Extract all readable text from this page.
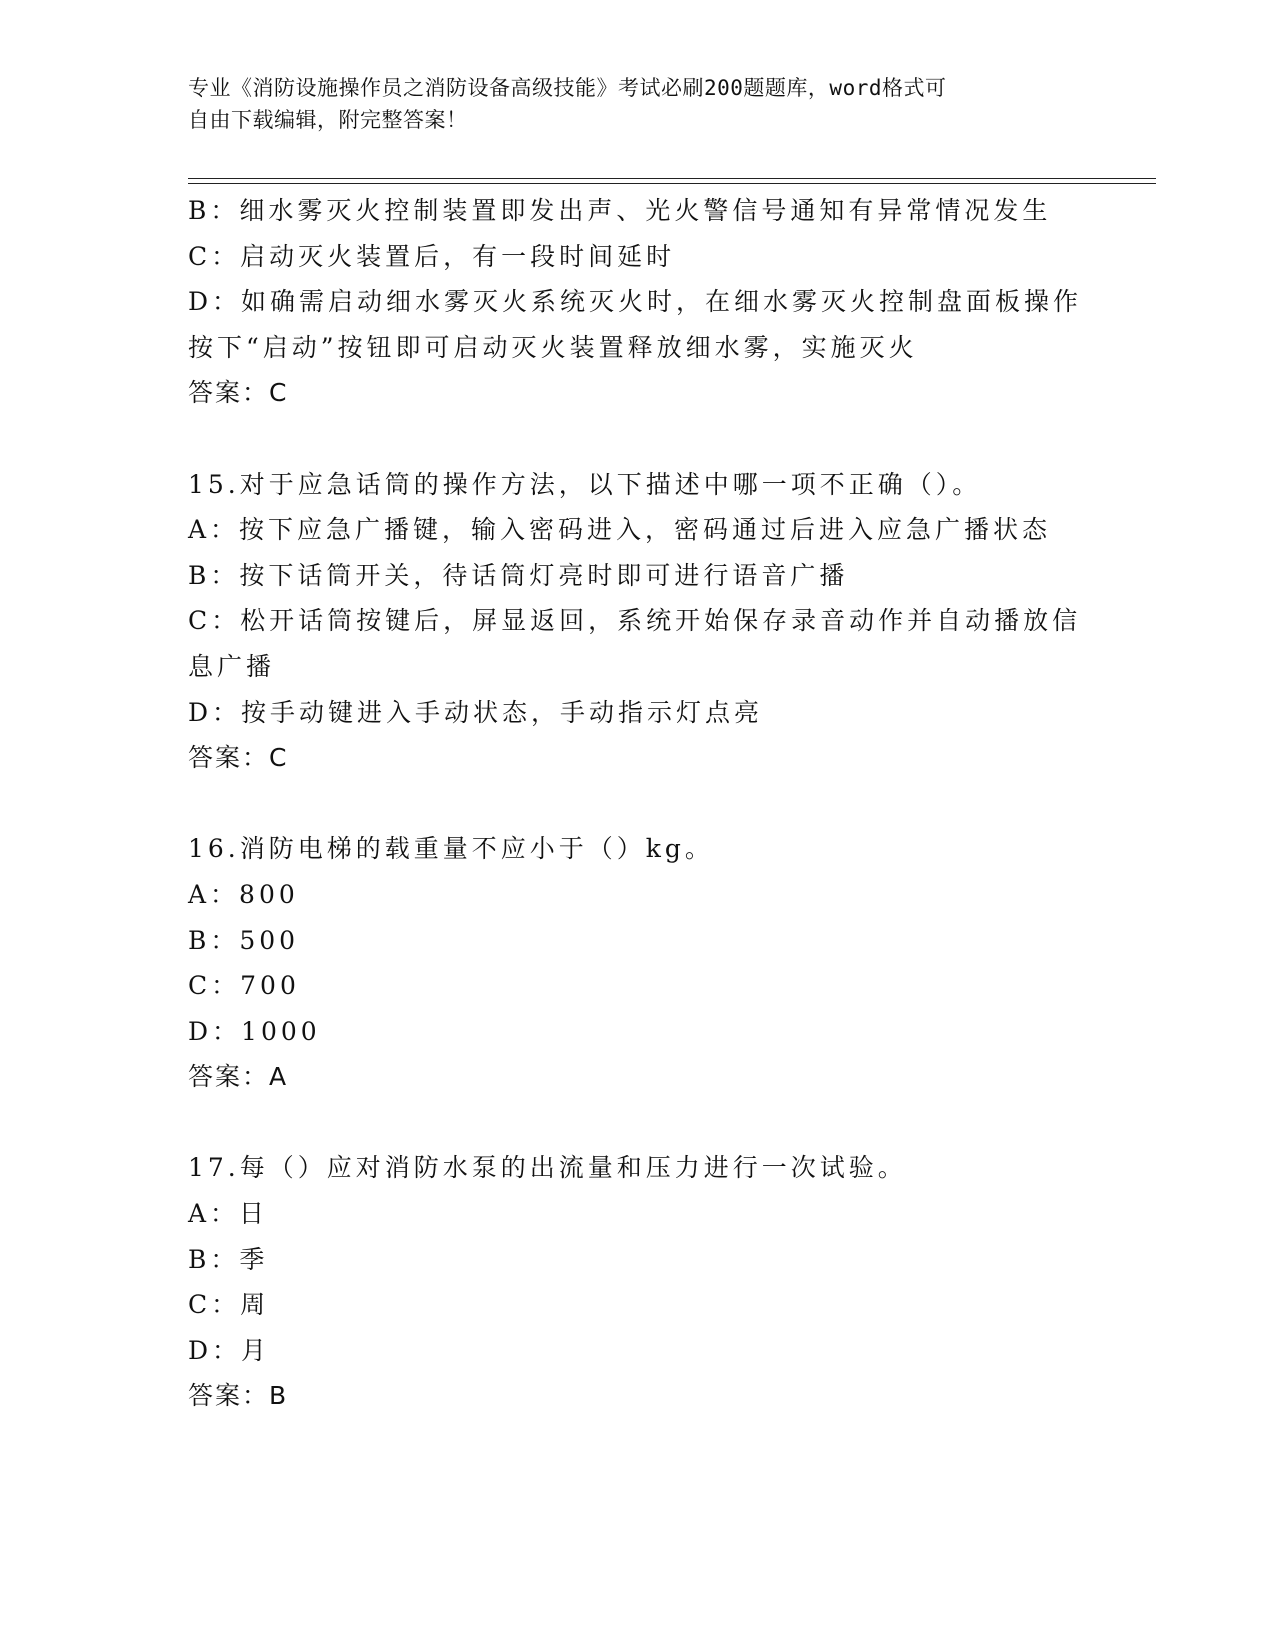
专业《消防设施操作员之消防设备高级技能》考试必刷200题题库，word格式可
自由下载编辑，附完整答案！
B：细水雾灭火控制装置即发出声、光火警信号通知有异常情况发生
C：启动灭火装置后，有一段时间延时
D：如确需启动细水雾灭火系统灭火时，在细水雾灭火控制盘面板操作
按下“启动”按钮即可启动灭火装置释放细水雾，实施灭火
答案：C
15.对于应急话筒的操作方法，以下描述中哪一项不正确（）。
A：按下应急广播键，输入密码进入，密码通过后进入应急广播状态
B：按下话筒开关，待话筒灯亮时即可进行语音广播
C：松开话筒按键后，屏显返回，系统开始保存录音动作并自动播放信
息广播
D：按手动键进入手动状态，手动指示灯点亮
答案：C
16.消防电梯的载重量不应小于（）kg。
A：800
B：500
C：700
D：1000
答案：A
17.每（）应对消防水泵的出流量和压力进行一次试验。
A：日
B：季
C：周
D：月
答案：B
